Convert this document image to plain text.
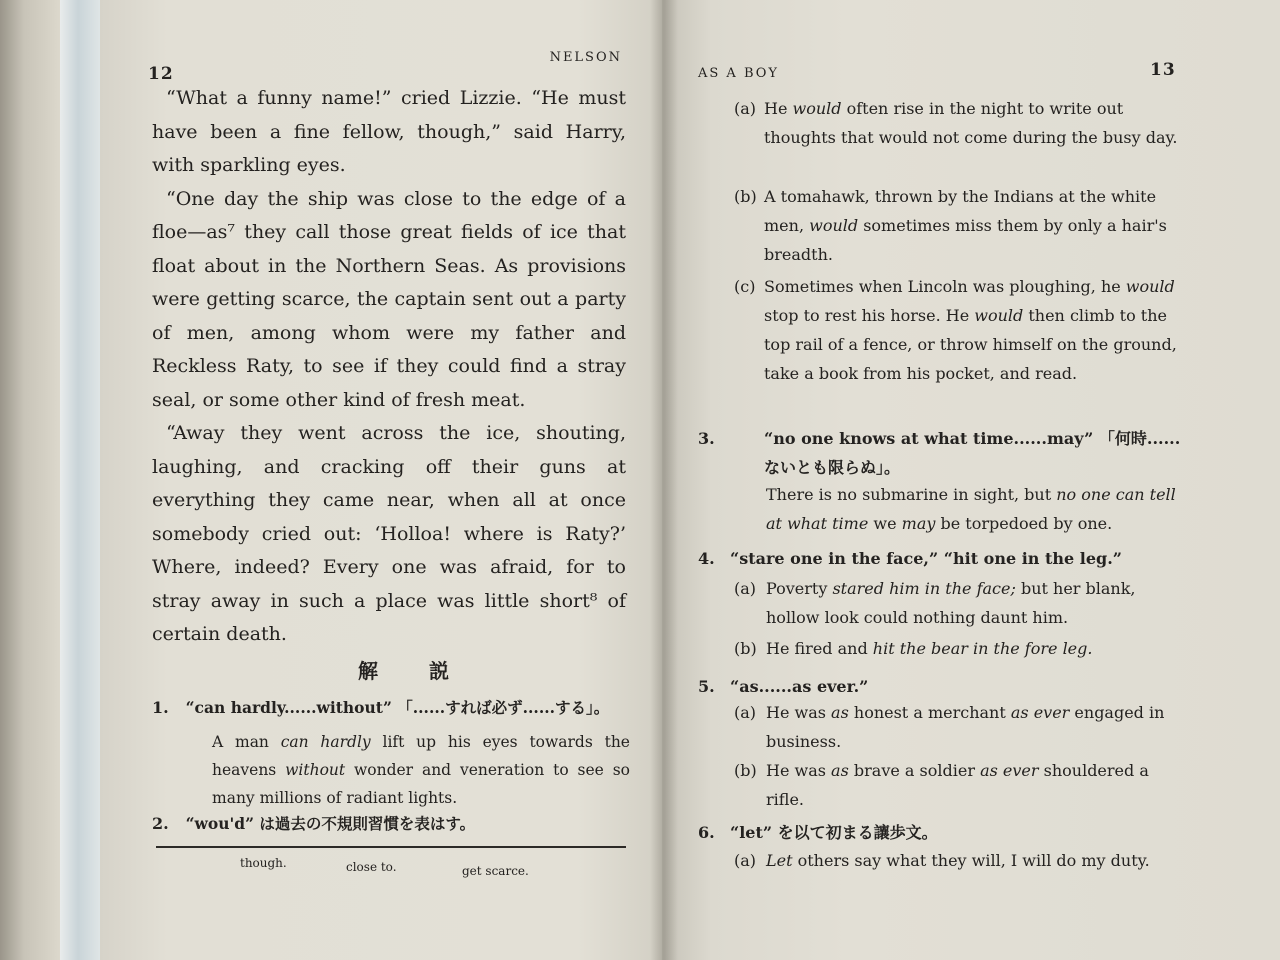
12
NELSON

“What a funny name!” cried Lizzie. “He must have been a fine fellow, though,” said Harry, with sparkling eyes.

“One day the ship was close to the edge of a floe—as⁷ they call those great fields of ice that float about in the Northern Seas. As provisions were getting scarce, the captain sent out a party of men, among whom were my father and Reckless Raty, to see if they could find a stray seal, or some other kind of fresh meat.

“Away they went across the ice, shouting, laughing, and cracking off their guns at everything they came near, when all at once somebody cried out: ‘Holloa! where is Raty?’ Where, indeed? Every one was afraid, for to stray away in such a place was little short⁸ of certain death.

解 説
1. “can hardly......without” 「......すれば必ず......する」。
A man can hardly lift up his eyes towards the heavens without wonder and veneration to see so many millions of radiant lights.
2. “wou'd” は過去の不規則習慣を表はす。
though.	close to.	get scarce.
AS A BOY	13
(a) He would often rise in the night to write out thoughts that would not come during the busy day.
(b) A tomahawk, thrown by the Indians at the white men, would sometimes miss them by only a hair's breadth.
(c) Sometimes when Lincoln was ploughing, he would stop to rest his horse. He would then climb to the top rail of a fence, or throw himself on the ground, take a book from his pocket, and read.
3.	“no one knows at what time......may” 「何時......ないとも限らぬ」。
There is no submarine in sight, but no one can tell at what time we may be torpedoed by one.
4. “stare one in the face,” “hit one in the leg.”
(a) Poverty stared him in the face; but her blank, hollow look could nothing daunt him.
(b) He fired and hit the bear in the fore leg.
5. “as......as ever.”
(a) He was as honest a merchant as ever engaged in business.
(b) He was as brave a soldier as ever shouldered a rifle.
6. “let” を以て初まる讓歩文。
(a) Let others say what they will, I will do my duty.
